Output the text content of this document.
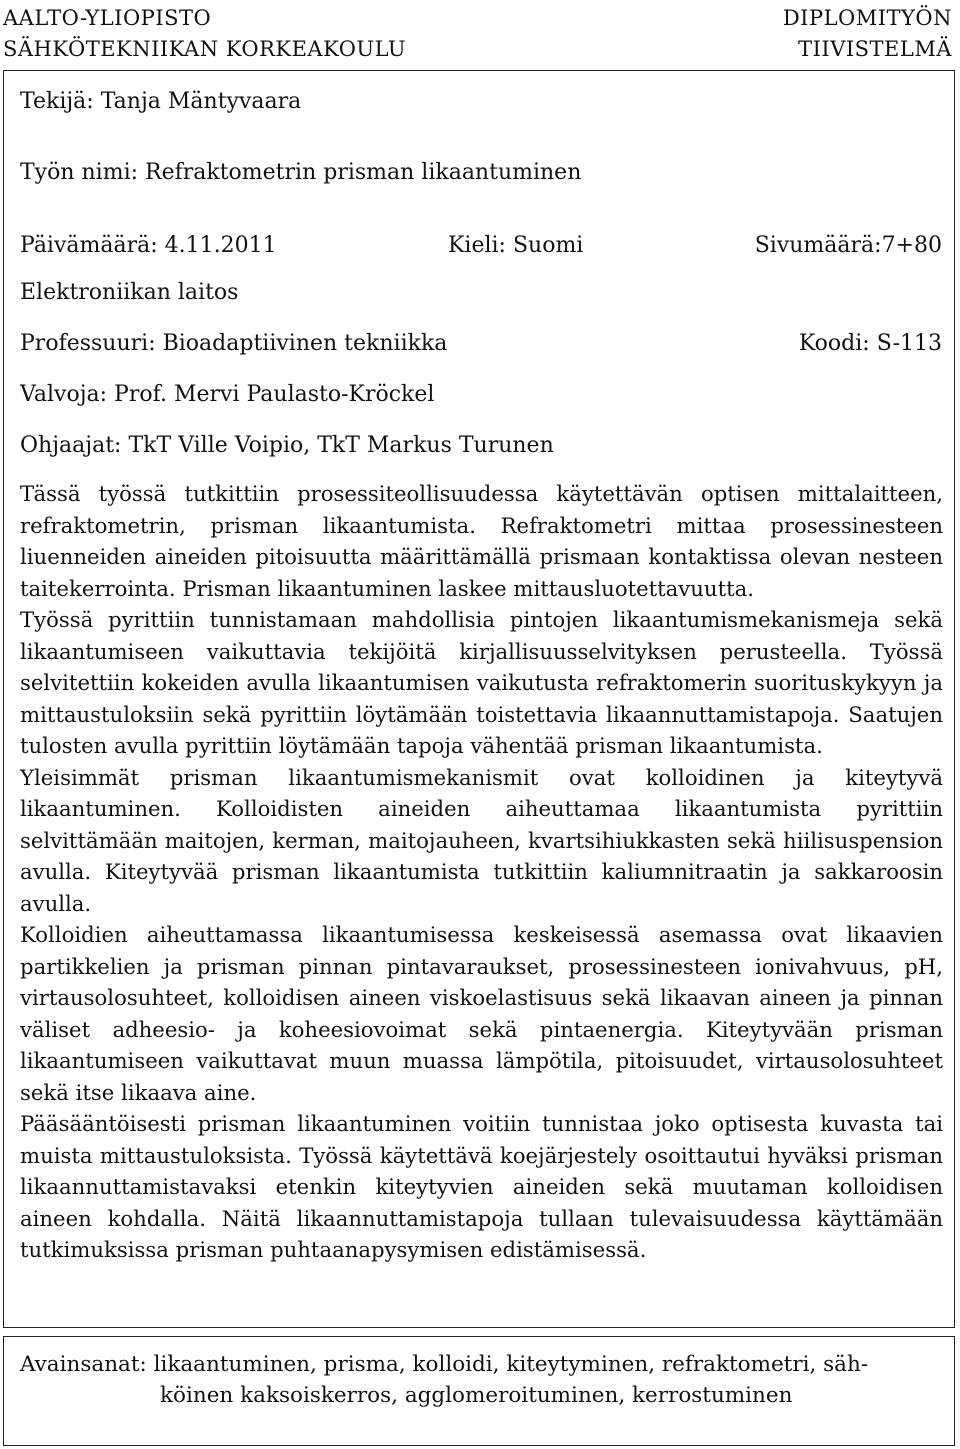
AALTO-YLIOPISTO
SÄHKÖTEKNIIKAN KORKEAKOULU
DIPLOMITYÖN
TIIVISTELMÄ
Tekijä: Tanja Mäntyvaara
Työn nimi: Refraktometrin prisman likaantuminen
Päivämäärä: 4.11.2011	Kieli: Suomi	Sivumäärä:7+80
Elektroniikan laitos
Professuuri: Bioadaptiivinen tekniikka	Koodi: S-113
Valvoja: Prof. Mervi Paulasto-Kröckel
Ohjaajat: TkT Ville Voipio, TkT Markus Turunen

Tässä työssä tutkittiin prosessiteollisuudessa käytettävän optisen mittalaitteen, refraktometrin, prisman likaantumista. Refraktometri mittaa prosessinesteen liuenneiden aineiden pitoisuutta määrittämällä prismaan kontaktissa olevan nesteen taitekerrointa. Prisman likaantuminen laskee mittausluotettavuutta.

Työssä pyrittiin tunnistamaan mahdollisia pintojen likaantumismekanismeja sekä likaantumiseen vaikuttavia tekijöitä kirjallisuusselvityksen perusteella. Työssä selvitettiin kokeiden avulla likaantumisen vaikutusta refraktomerin suorituskykyyn ja mittaustuloksiin sekä pyrittiin löytämään toistettavia likaannuttamistapoja. Saatujen tulosten avulla pyrittiin löytämään tapoja vähentää prisman likaantumista.

Yleisimmät prisman likaantumismekanismit ovat kolloidinen ja kiteytyvä likaantuminen. Kolloidisten aineiden aiheuttamaa likaantumista pyrittiin selvittämään maitojen, kerman, maitojauheen, kvartsihiukkasten sekä hiilisuspension avulla. Kiteytyvää prisman likaantumista tutkittiin kaliumnitraatin ja sakkaroosin avulla.

Kolloidien aiheuttamassa likaantumisessa keskeisessä asemassa ovat likaavien partikkelien ja prisman pinnan pintavaraukset, prosessinesteen ionivahvuus, pH, virtausolosuhteet, kolloidisen aineen viskoelastisuus sekä likaavan aineen ja pinnan väliset adheesio- ja koheesiovoimat sekä pintaenergia. Kiteytyvään prisman likaantumiseen vaikuttavat muun muassa lämpötila, pitoisuudet, virtausolosuhteet sekä itse likaava aine.

Pääsääntöisesti prisman likaantuminen voitiin tunnistaa joko optisesta kuvasta tai muista mittaustuloksista. Työssä käytettävä koejärjestely osoittautui hyväksi prisman likaannuttamistavaksi etenkin kiteytyvien aineiden sekä muutaman kolloidisen aineen kohdalla. Näitä likaannuttamistapoja tullaan tulevaisuudessa käyttämään tutkimuksissa prisman puhtaanapysymisen edistämisessä.

Avainsanat: likaantuminen, prisma, kolloidi, kiteytyminen, refraktometri, säh-
köinen kaksoiskerros, agglomeroituminen, kerrostuminen
